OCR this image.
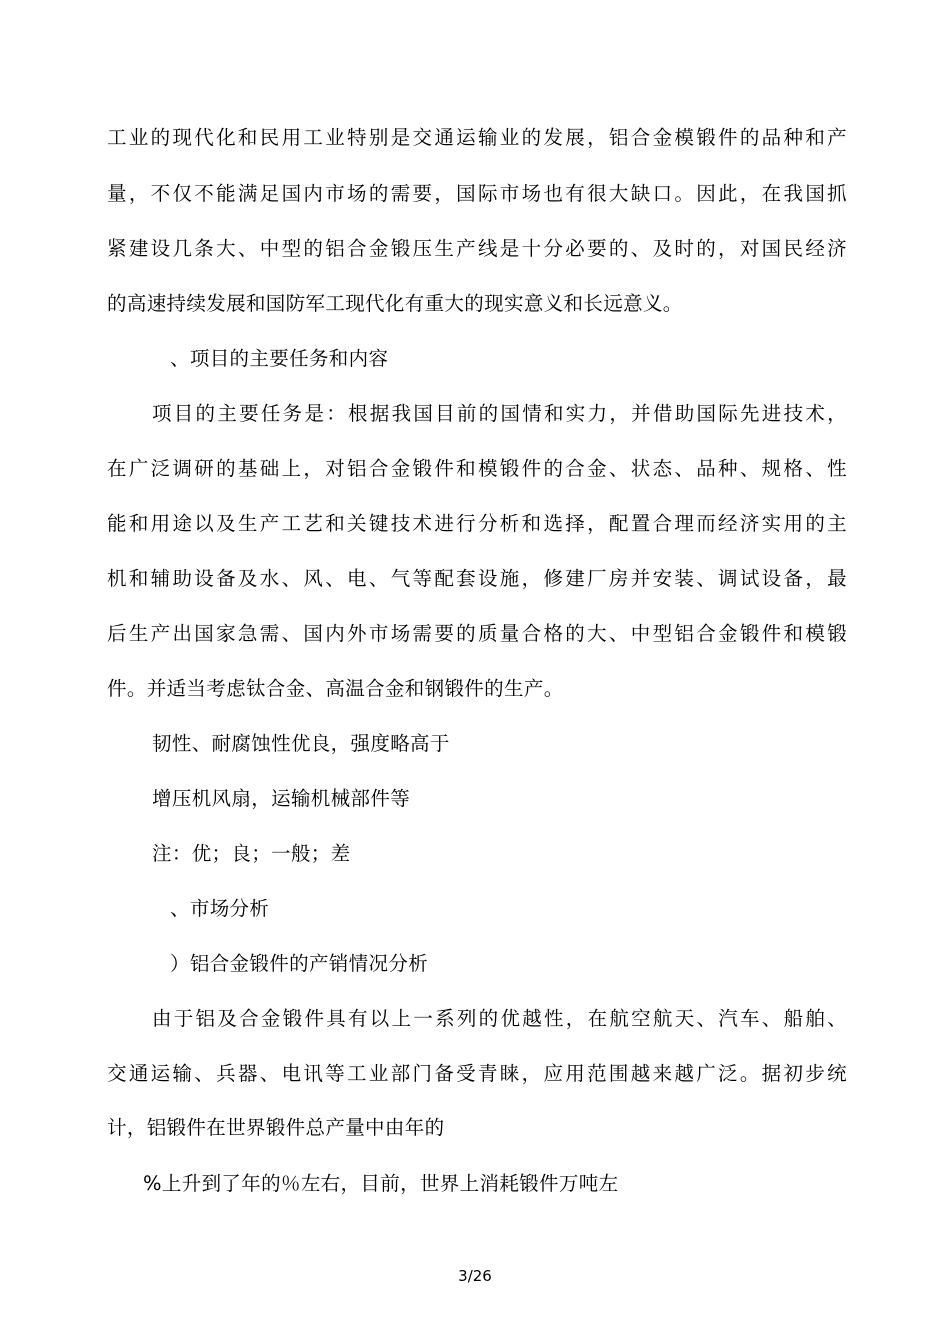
工业的现代化和民用工业特别是交通运输业的发展，铝合金模锻件的品种和产
量，不仅不能满足国内市场的需要，国际市场也有很大缺口。因此，在我国抓
紧建设几条大、中型的铝合金锻压生产线是十分必要的、及时的，对国民经济
的高速持续发展和国防军工现代化有重大的现实意义和长远意义。
、项目的主要任务和内容
项目的主要任务是：根据我国目前的国情和实力，并借助国际先进技术，
在广泛调研的基础上，对铝合金锻件和模锻件的合金、状态、品种、规格、性
能和用途以及生产工艺和关键技术进行分析和选择，配置合理而经济实用的主
机和辅助设备及水、风、电、气等配套设施，修建厂房并安装、调试设备，最
后生产出国家急需、国内外市场需要的质量合格的大、中型铝合金锻件和模锻
件。并适当考虑钛合金、高温合金和钢锻件的生产。
韧性、耐腐蚀性优良，强度略高于
增压机风扇，运输机械部件等
注：优；良；一般；差
、市场分析
）铝合金锻件的产销情况分析
由于铝及合金锻件具有以上一系列的优越性，在航空航天、汽车、船舶、
交通运输、兵器、电讯等工业部门备受青睐，应用范围越来越广泛。据初步统
计，铝锻件在世界锻件总产量中由年的
%上升到了年的％左右，目前，世界上消耗锻件万吨左
3/26
